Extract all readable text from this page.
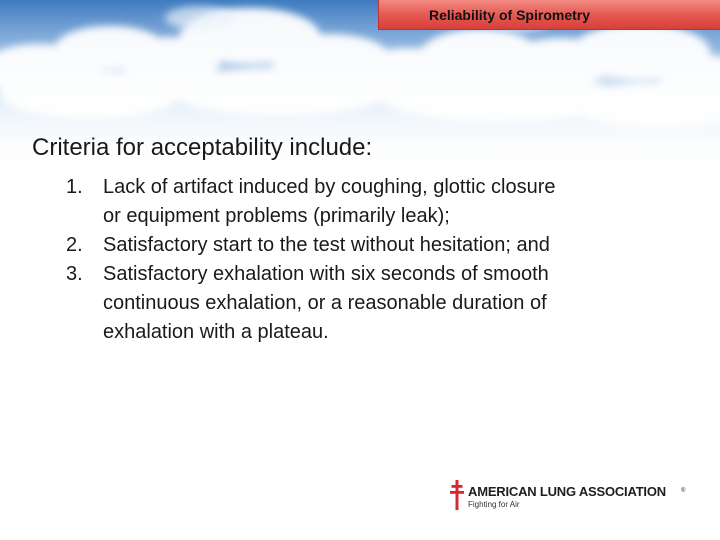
Reliability of Spirometry

Criteria for acceptability include:

1. Lack of artifact induced by coughing, glottic closure
or equipment problems (primarily leak);
2. Satisfactory start to the test without hesitation; and
3. Satisfactory exhalation with six seconds of smooth
continuous exhalation, or a reasonable duration of
exhalation with a plateau.
AMERICAN LUNG ASSOCIATION	®
Fighting for Air
